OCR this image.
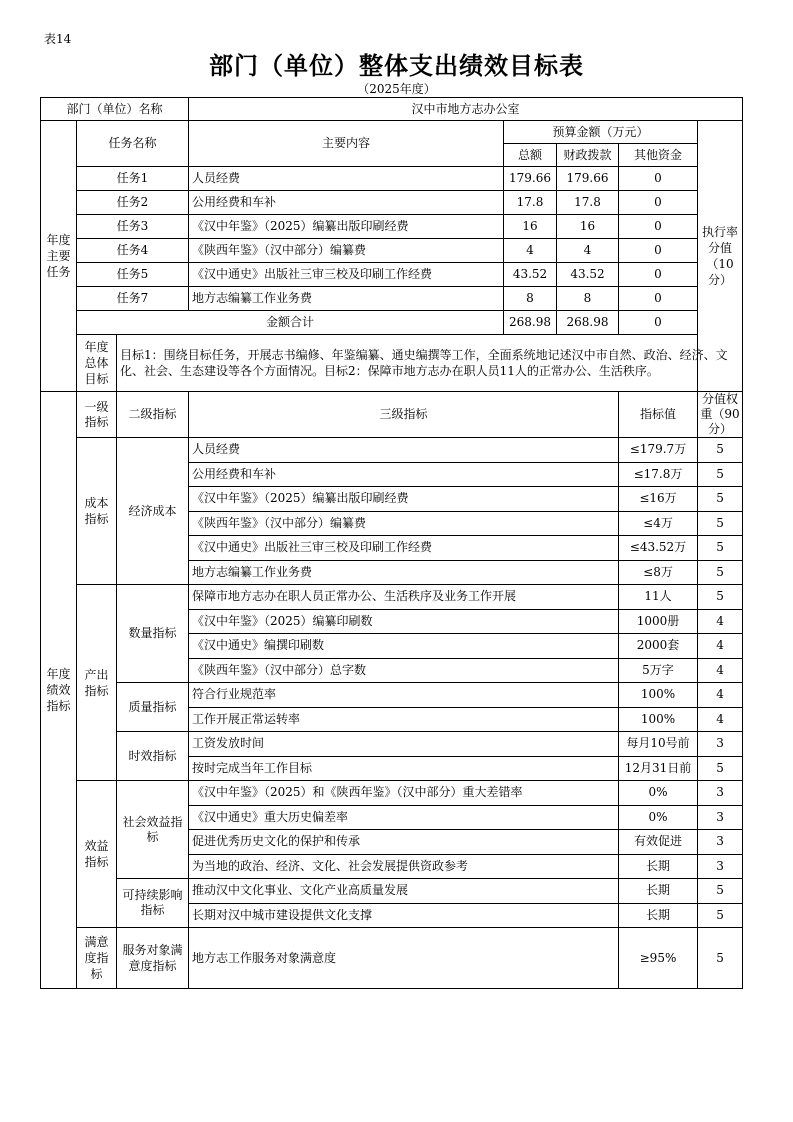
表14
部门（单位）整体支出绩效目标表
（2025年度）
部门（单位）名称			汉中市地方志办公室				
年度主要任务	任务名称		主要内容	预算金额（万元）			执行率分值（10分）
				总额	财政拨款	其他资金	
	任务1		人员经费	179.66	179.66	0	
	任务2		公用经费和车补	17.8	17.8	0	
	任务3		《汉中年鉴》（2025）编纂出版印刷经费	16	16	0	
	任务4		《陕西年鉴》（汉中部分）编纂费	4	4	0	
	任务5		《汉中通史》出版社三审三校及印刷工作经费	43.52	43.52	0	
	任务7		地方志编纂工作业务费	8	8	0	
	金额合计			268.98	268.98	0	
	年度总体目标	目标1：围绕目标任务，开展志书编修、年鉴编纂、通史编撰等工作，全面系统地记述汉中市自然、政治、经济、文化、社会、生态建设等各个方面情况。目标2：保障市地方志办在职人员11人的正常办公、生活秩序。					
年度绩效指标	一级指标	二级指标	三级指标			指标值	分值权重（90分）
	成本指标	经济成本	人员经费			≤179.7万	5
			公用经费和车补			≤17.8万	5
			《汉中年鉴》（2025）编纂出版印刷经费			≤16万	5
			《陕西年鉴》（汉中部分）编纂费			≤4万	5
			《汉中通史》出版社三审三校及印刷工作经费			≤43.52万	5
			地方志编纂工作业务费			≤8万	5
	产出指标	数量指标	保障市地方志办在职人员正常办公、生活秩序及业务工作开展			11人	5
			《汉中年鉴》（2025）编纂印刷数			1000册	4
			《汉中通史》编撰印刷数			2000套	4
			《陕西年鉴》（汉中部分）总字数			5万字	4
		质量指标	符合行业规范率			100%	4
			工作开展正常运转率			100%	4
		时效指标	工资发放时间			每月10号前	3
			按时完成当年工作目标			12月31日前	5
	效益指标	社会效益指标	《汉中年鉴》（2025）和《陕西年鉴》（汉中部分）重大差错率			0%	3
			《汉中通史》重大历史偏差率			0%	3
			促进优秀历史文化的保护和传承			有效促进	3
			为当地的政治、经济、文化、社会发展提供资政参考			长期	3
		可持续影响指标	推动汉中文化事业、文化产业高质量发展			长期	5
			长期对汉中城市建设提供文化支撑			长期	5
	满意度指标	服务对象满意度指标	地方志工作服务对象满意度			≥95%	5
